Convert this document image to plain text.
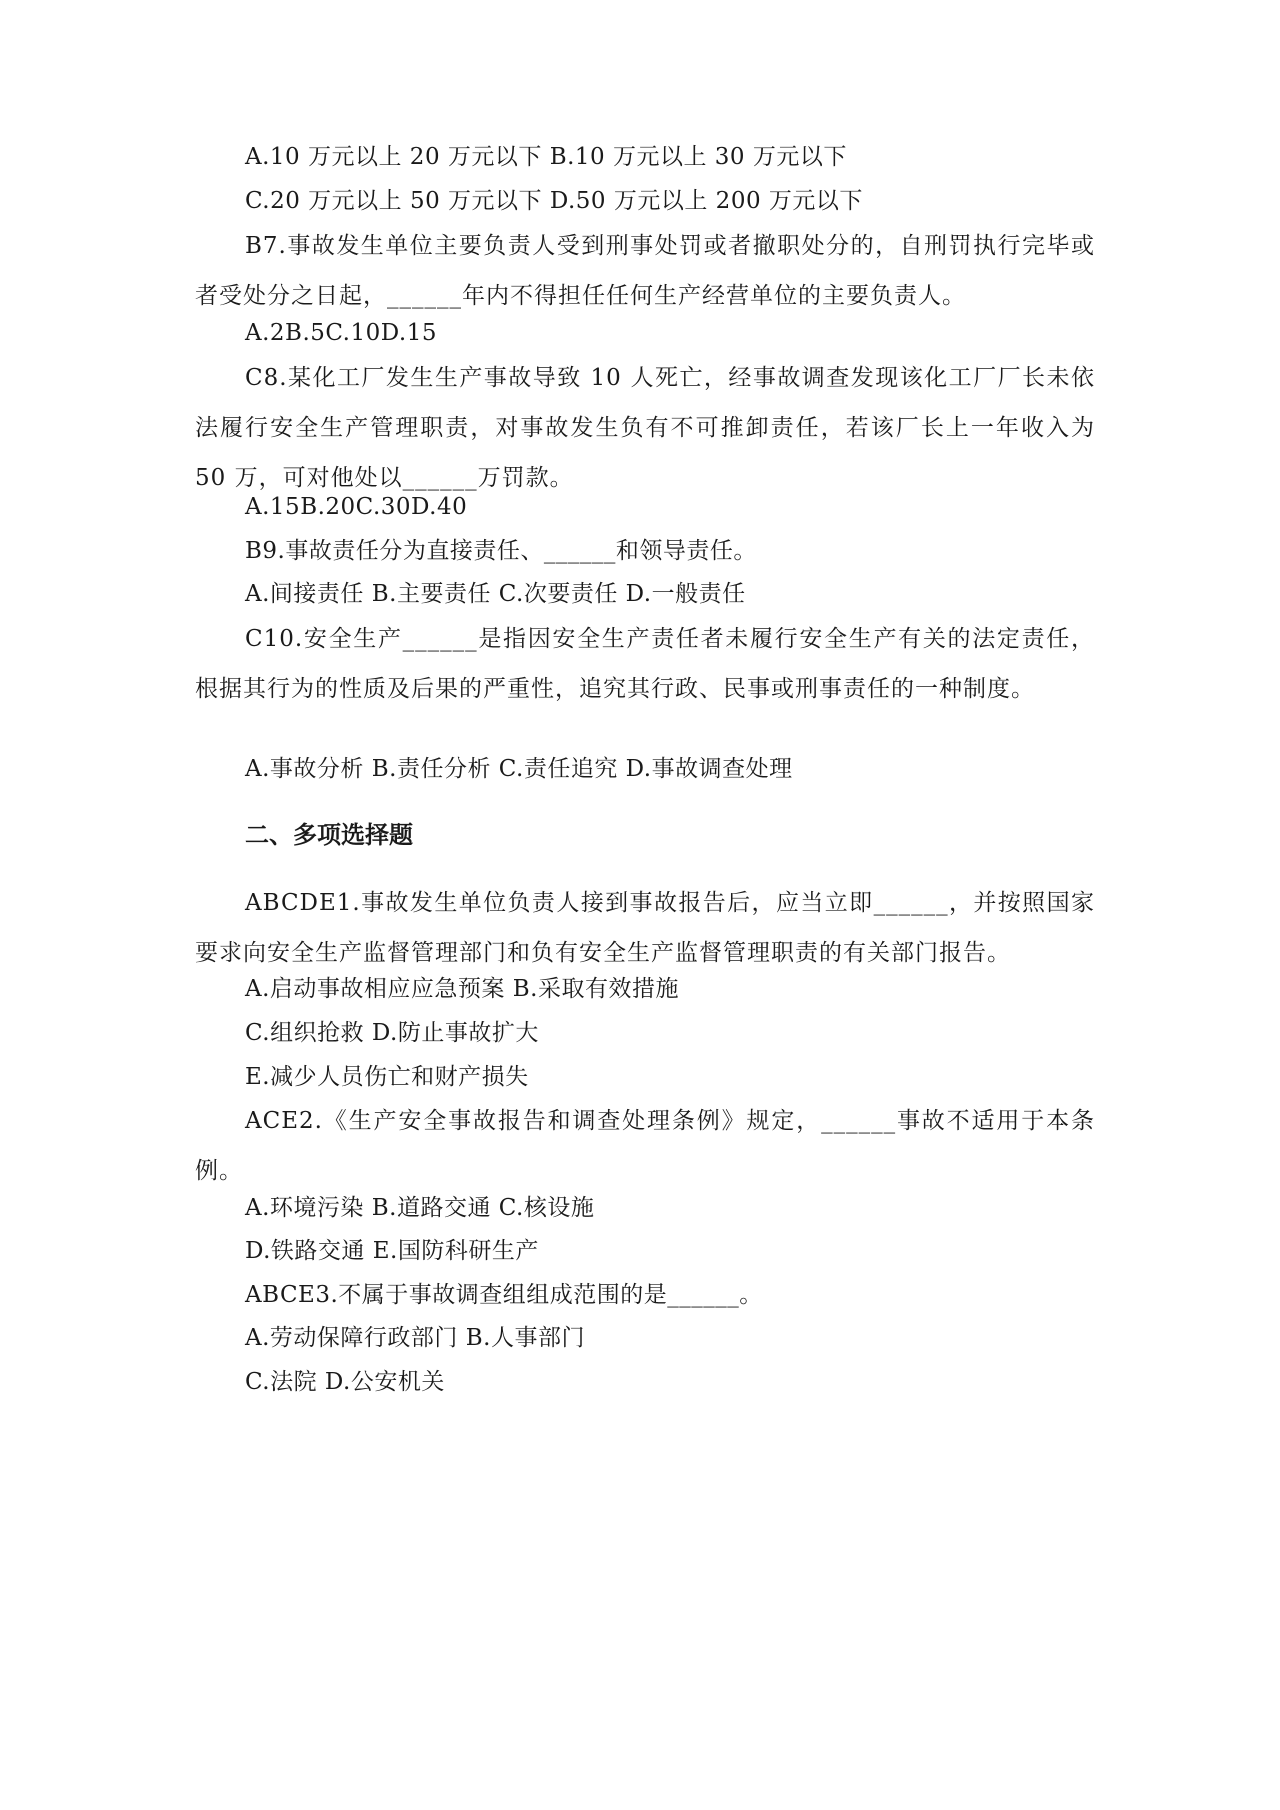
A.10 万元以上 20 万元以下 B.10 万元以上 30 万元以下
C.20 万元以上 50 万元以下 D.50 万元以上 200 万元以下
B7.事故发生单位主要负责人受到刑事处罚或者撤职处分的，自刑罚执行完毕或者受处分之日起，______年内不得担任任何生产经营单位的主要负责人。
A.2B.5C.10D.15
C8.某化工厂发生生产事故导致 10 人死亡，经事故调查发现该化工厂厂长未依法履行安全生产管理职责，对事故发生负有不可推卸责任，若该厂长上一年收入为 50 万，可对他处以______万罚款。
A.15B.20C.30D.40
B9.事故责任分为直接责任、______和领导责任。
A.间接责任 B.主要责任 C.次要责任 D.一般责任
C10.安全生产______是指因安全生产责任者未履行安全生产有关的法定责任，根据其行为的性质及后果的严重性，追究其行政、民事或刑事责任的一种制度。
A.事故分析 B.责任分析 C.责任追究 D.事故调查处理
二、多项选择题
ABCDE1.事故发生单位负责人接到事故报告后，应当立即______，并按照国家要求向安全生产监督管理部门和负有安全生产监督管理职责的有关部门报告。
A.启动事故相应应急预案 B.采取有效措施
C.组织抢救 D.防止事故扩大
E.减少人员伤亡和财产损失
ACE2.《生产安全事故报告和调查处理条例》规定，______事故不适用于本条例。
A.环境污染 B.道路交通 C.核设施
D.铁路交通 E.国防科研生产
ABCE3.不属于事故调查组组成范围的是______。
A.劳动保障行政部门 B.人事部门
C.法院 D.公安机关
